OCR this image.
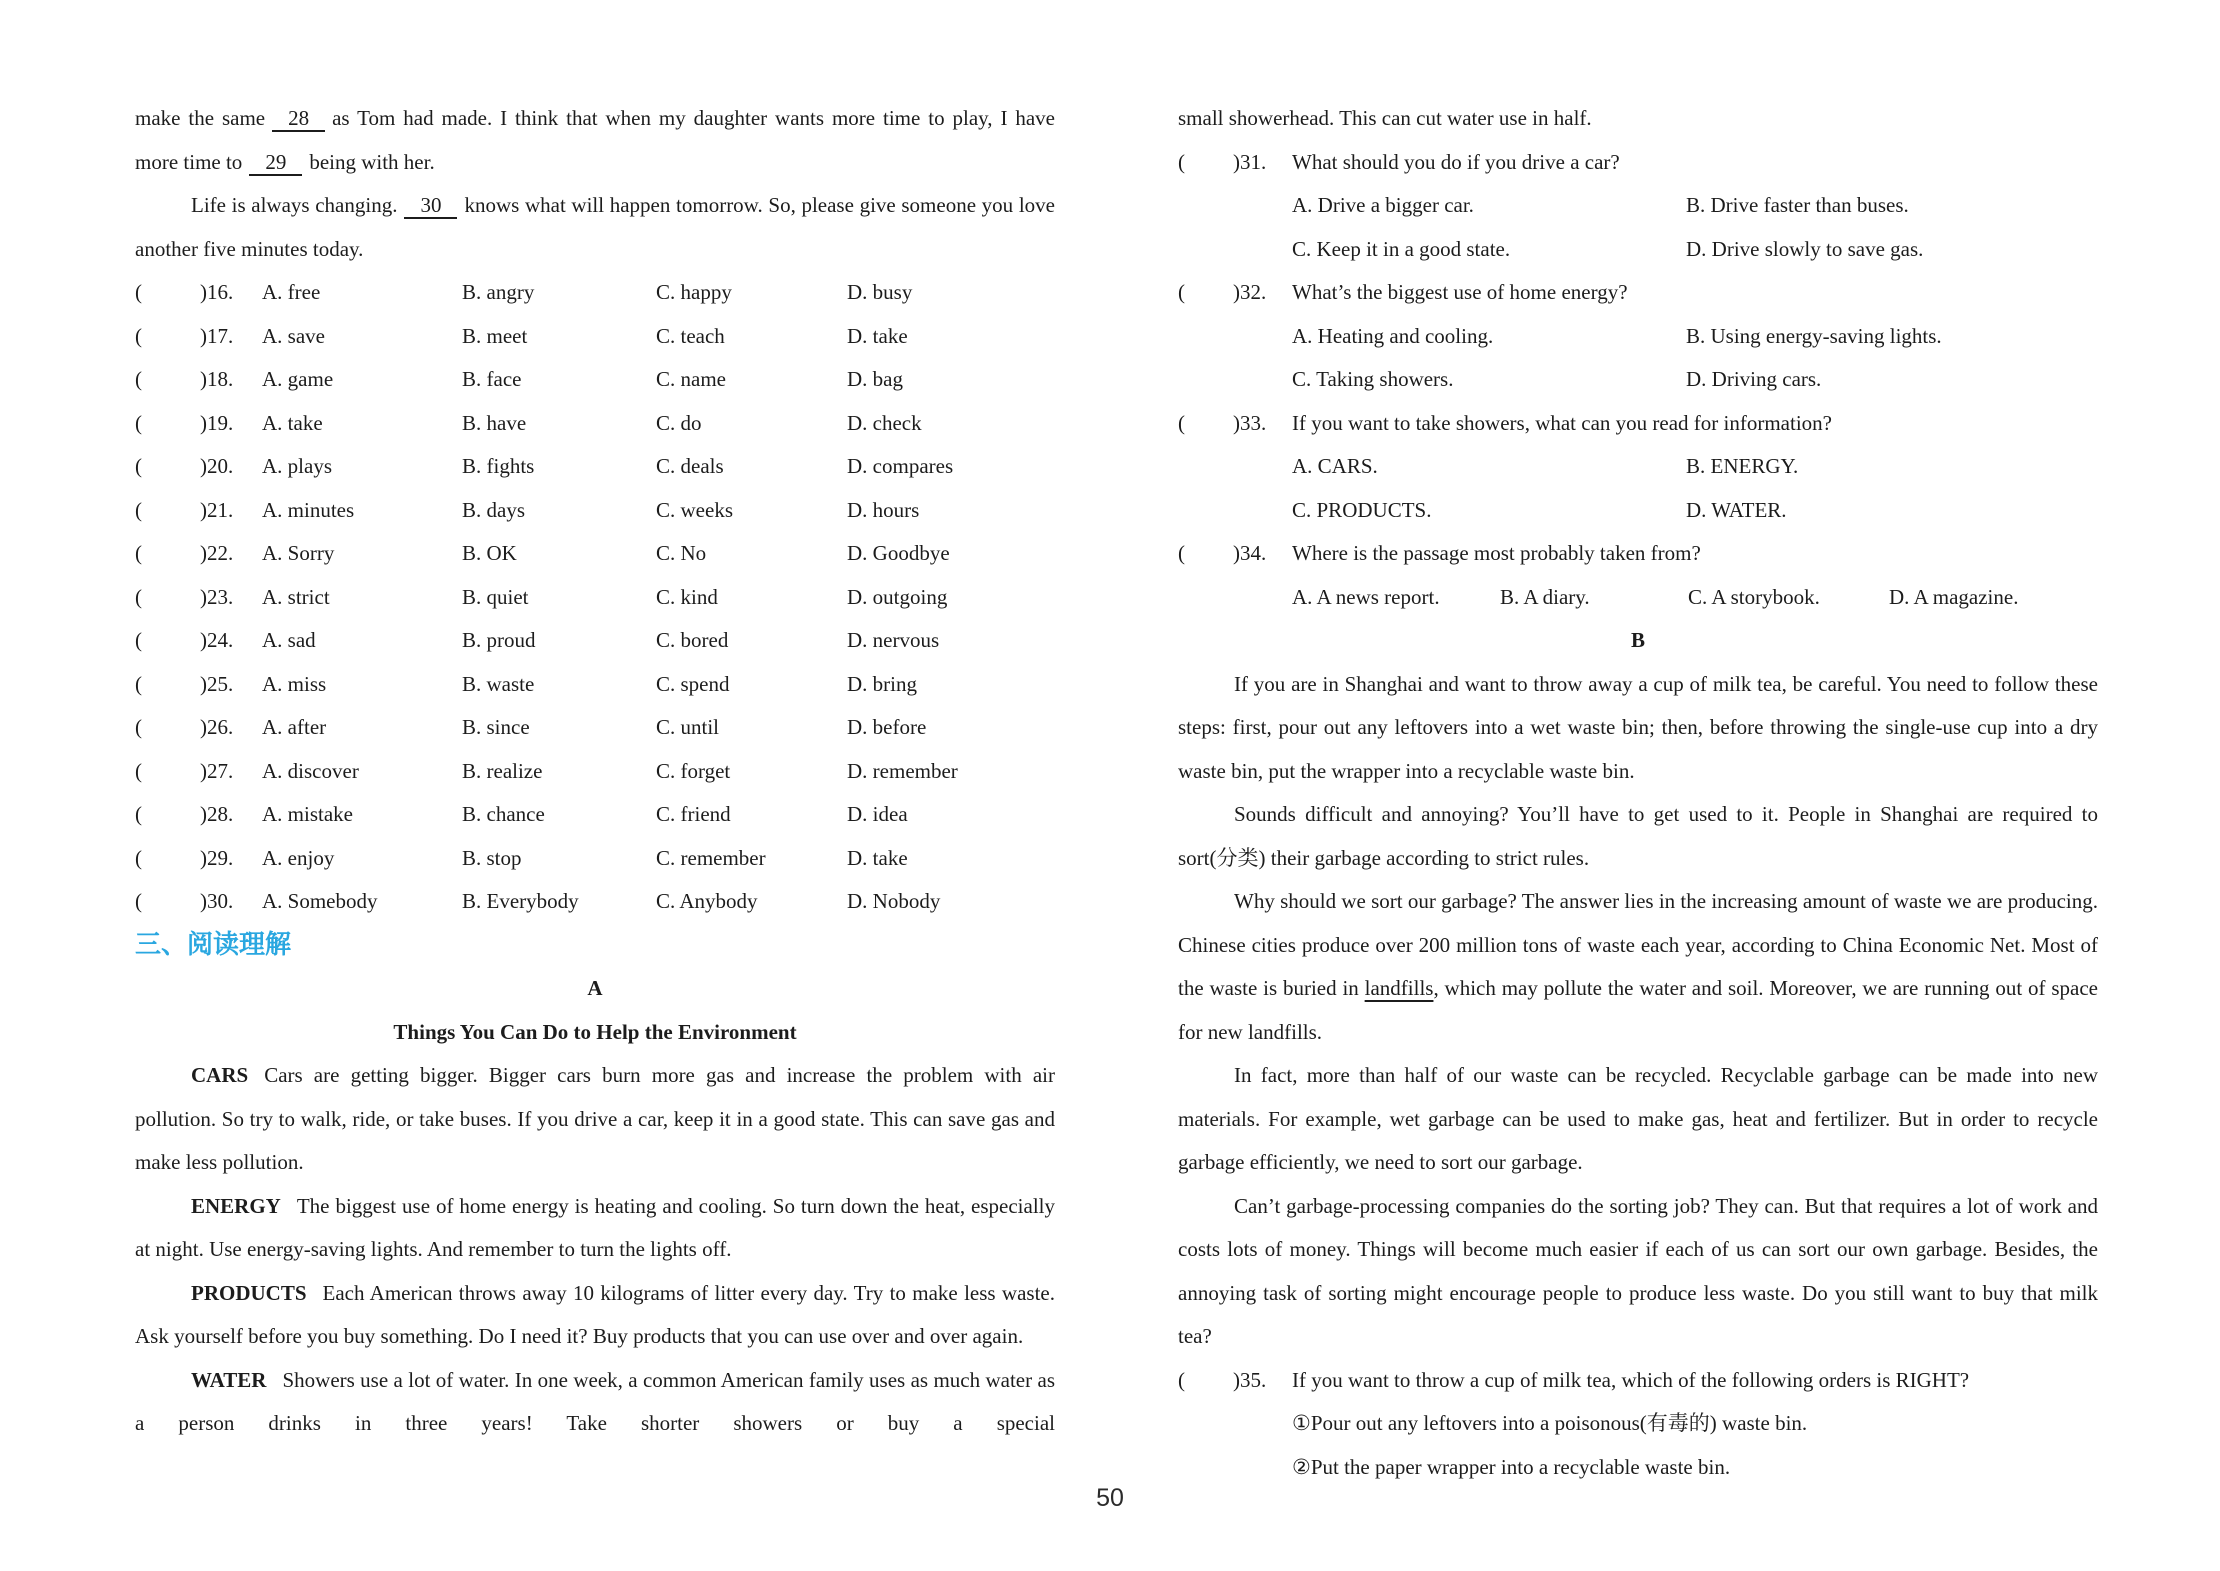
make the same 28 as Tom had made. I think that when my daughter wants more time to play, I have more time to 29 being with her.

Life is always changing. 30 knows what will happen tomorrow. So, please give someone you love another five minutes today.

(	)16.	A. free	B. angry	C. happy	D. busy
(	)17.	A. save	B. meet	C. teach	D. take
(	)18.	A. game	B. face	C. name	D. bag
(	)19.	A. take	B. have	C. do	D. check
(	)20.	A. plays	B. fights	C. deals	D. compares
(	)21.	A. minutes	B. days	C. weeks	D. hours
(	)22.	A. Sorry	B. OK	C. No	D. Goodbye
(	)23.	A. strict	B. quiet	C. kind	D. outgoing
(	)24.	A. sad	B. proud	C. bored	D. nervous
(	)25.	A. miss	B. waste	C. spend	D. bring
(	)26.	A. after	B. since	C. until	D. before
(	)27.	A. discover	B. realize	C. forget	D. remember
(	)28.	A. mistake	B. chance	C. friend	D. idea
(	)29.	A. enjoy	B. stop	C. remember	D. take
(	)30.	A. Somebody	B. Everybody	C. Anybody	D. Nobody
三、阅读理解

A

Things You Can Do to Help the Environment

CARS Cars are getting bigger. Bigger cars burn more gas and increase the problem with air pollution. So try to walk, ride, or take buses. If you drive a car, keep it in a good state. This can save gas and make less pollution.

ENERGY The biggest use of home energy is heating and cooling. So turn down the heat, especially at night. Use energy-saving lights. And remember to turn the lights off.

PRODUCTS Each American throws away 10 kilograms of litter every day. Try to make less waste. Ask yourself before you buy something. Do I need it? Buy products that you can use over and over again.

WATER Showers use a lot of water. In one week, a common American family uses as much water as a person drinks in three years! Take shorter showers or buy a special

small showerhead. This can cut water use in half.

(	)31.	What should you do if you drive a car?
A. Drive a bigger car.	B. Drive faster than buses.
C. Keep it in a good state.	D. Drive slowly to save gas.
(	)32.	What’s the biggest use of home energy?
A. Heating and cooling.	B. Using energy-saving lights.
C. Taking showers.	D. Driving cars.
(	)33.	If you want to take showers, what can you read for information?
A. CARS.	B. ENERGY.
C. PRODUCTS.	D. WATER.
(	)34.	Where is the passage most probably taken from?
A. A news report.	B. A diary.	C. A storybook.	D. A magazine.

B

If you are in Shanghai and want to throw away a cup of milk tea, be careful. You need to follow these steps: first, pour out any leftovers into a wet waste bin; then, before throwing the single-use cup into a dry waste bin, put the wrapper into a recyclable waste bin.

Sounds difficult and annoying? You’ll have to get used to it. People in Shanghai are required to sort(分类) their garbage according to strict rules.

Why should we sort our garbage? The answer lies in the increasing amount of waste we are producing. Chinese cities produce over 200 million tons of waste each year, according to China Economic Net. Most of the waste is buried in landfills, which may pollute the water and soil. Moreover, we are running out of space for new landfills.

In fact, more than half of our waste can be recycled. Recyclable garbage can be made into new materials. For example, wet garbage can be used to make gas, heat and fertilizer. But in order to recycle garbage efficiently, we need to sort our garbage.

Can’t garbage-processing companies do the sorting job? They can. But that requires a lot of work and costs lots of money. Things will become much easier if each of us can sort our own garbage. Besides, the annoying task of sorting might encourage people to produce less waste. Do you still want to buy that milk tea?

(	)35.	If you want to throw a cup of milk tea, which of the following orders is RIGHT?
①Pour out any leftovers into a poisonous(有毒的) waste bin.
②Put the paper wrapper into a recyclable waste bin.
50
